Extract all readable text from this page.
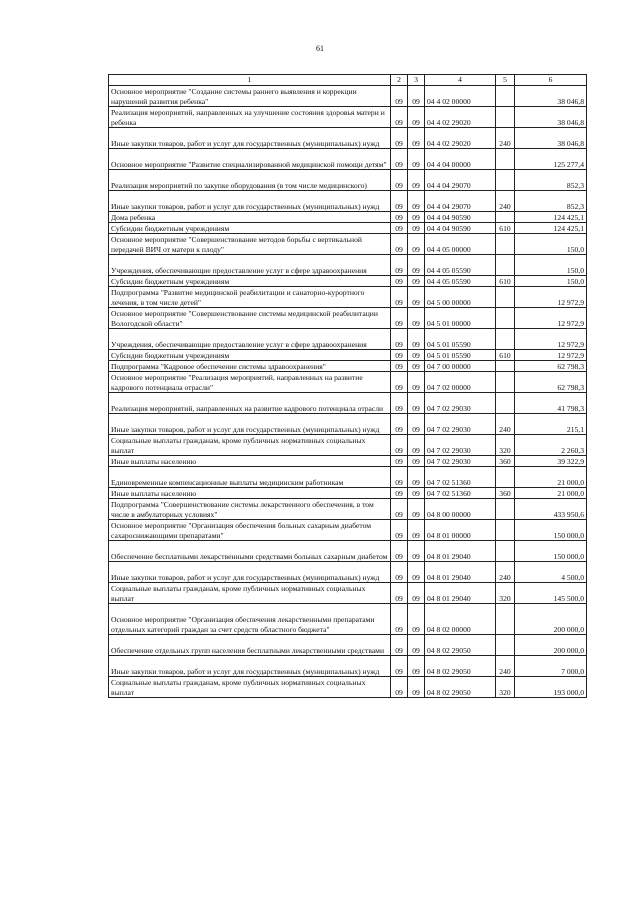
61
1	2	3	4	5	6
Основное мероприятие "Создание системы раннего выявления и коррекции нарушений развития ребенка"	09	09	04 4 02 00000		38 046,8
Реализация мероприятий, направленных на улучшение состояния здоровья матери и ребенка	09	09	04 4 02 29020		38 046,8
Иные закупки товаров, работ и услуг для государственных (муниципальных) нужд	09	09	04 4 02 29020	240	38 046,8
Основное мероприятие "Развитие специализированной медицинской помощи детям"	09	09	04 4 04 00000		125 277,4
Реализация мероприятий по закупке оборудования (в том числе медицинского)	09	09	04 4 04 29070		852,3
Иные закупки товаров, работ и услуг для государственных (муниципальных) нужд	09	09	04 4 04 29070	240	852,3
Дома ребенка	09	09	04 4 04 90590		124 425,1
Субсидии бюджетным учреждениям	09	09	04 4 04 90590	610	124 425,1
Основное мероприятие "Совершенствование методов борьбы с вертикальной передачей ВИЧ от матери к плоду"	09	09	04 4 05 00000		150,0
Учреждения, обеспечивающие предоставление услуг в сфере здравоохранения	09	09	04 4 05 05590		150,0
Субсидии бюджетным учреждениям	09	09	04 4 05 05590	610	150,0
Подпрограмма "Развитие медицинской реабилитации и санаторно-курортного лечения, в том числе детей"	09	09	04 5 00 00000		12 972,9
Основное мероприятие "Совершенствование системы медицинской реабилитации Вологодской области"	09	09	04 5 01 00000		12 972,9
Учреждения, обеспечивающие предоставление услуг в сфере здравоохранения	09	09	04 5 01 05590		12 972,9
Субсидии бюджетным учреждениям	09	09	04 5 01 05590	610	12 972,9
Подпрограмма "Кадровое обеспечение системы здравоохранения"	09	09	04 7 00 00000		62 798,3
Основное мероприятие "Реализация мероприятий, направленных на развитие кадрового потенциала отрасли"	09	09	04 7 02 00000		62 798,3
Реализация мероприятий, направленных на развитие кадрового потенциала отрасли	09	09	04 7 02 29030		41 798,3
Иные закупки товаров, работ и услуг для государственных (муниципальных) нужд	09	09	04 7 02 29030	240	215,1
Социальные выплаты гражданам, кроме публичных нормативных социальных выплат	09	09	04 7 02 29030	320	2 260,3
Иные выплаты населению	09	09	04 7 02 29030	360	39 322,9
Единовременные компенсационные выплаты медицинским работникам	09	09	04 7 02 51360		21 000,0
Иные выплаты населению	09	09	04 7 02 51360	360	21 000,0
Подпрограмма "Совершенствование системы лекарственного обеспечения, в том числе в амбулаторных условиях"	09	09	04 8 00 00000		433 950,6
Основное мероприятие "Организация обеспечения больных сахарным диабетом сахароснижающими препаратами"	09	09	04 8 01 00000		150 000,0
Обеспечение бесплатными лекарственными средствами больных сахарным диабетом	09	09	04 8 01 29040		150 000,0
Иные закупки товаров, работ и услуг для государственных (муниципальных) нужд	09	09	04 8 01 29040	240	4 500,0
Социальные выплаты гражданам, кроме публичных нормативных социальных выплат	09	09	04 8 01 29040	320	145 500,0
Основное мероприятие "Организация обеспечения лекарственными препаратами отдельных категорий граждан за счет средств областного бюджета"	09	09	04 8 02 00000		200 000,0
Обеспечение отдельных групп населения бесплатными лекарственными средствами	09	09	04 8 02 29050		200 000,0
Иные закупки товаров, работ и услуг для государственных (муниципальных) нужд	09	09	04 8 02 29050	240	7 000,0
Социальные выплаты гражданам, кроме публичных нормативных социальных выплат	09	09	04 8 02 29050	320	193 000,0
